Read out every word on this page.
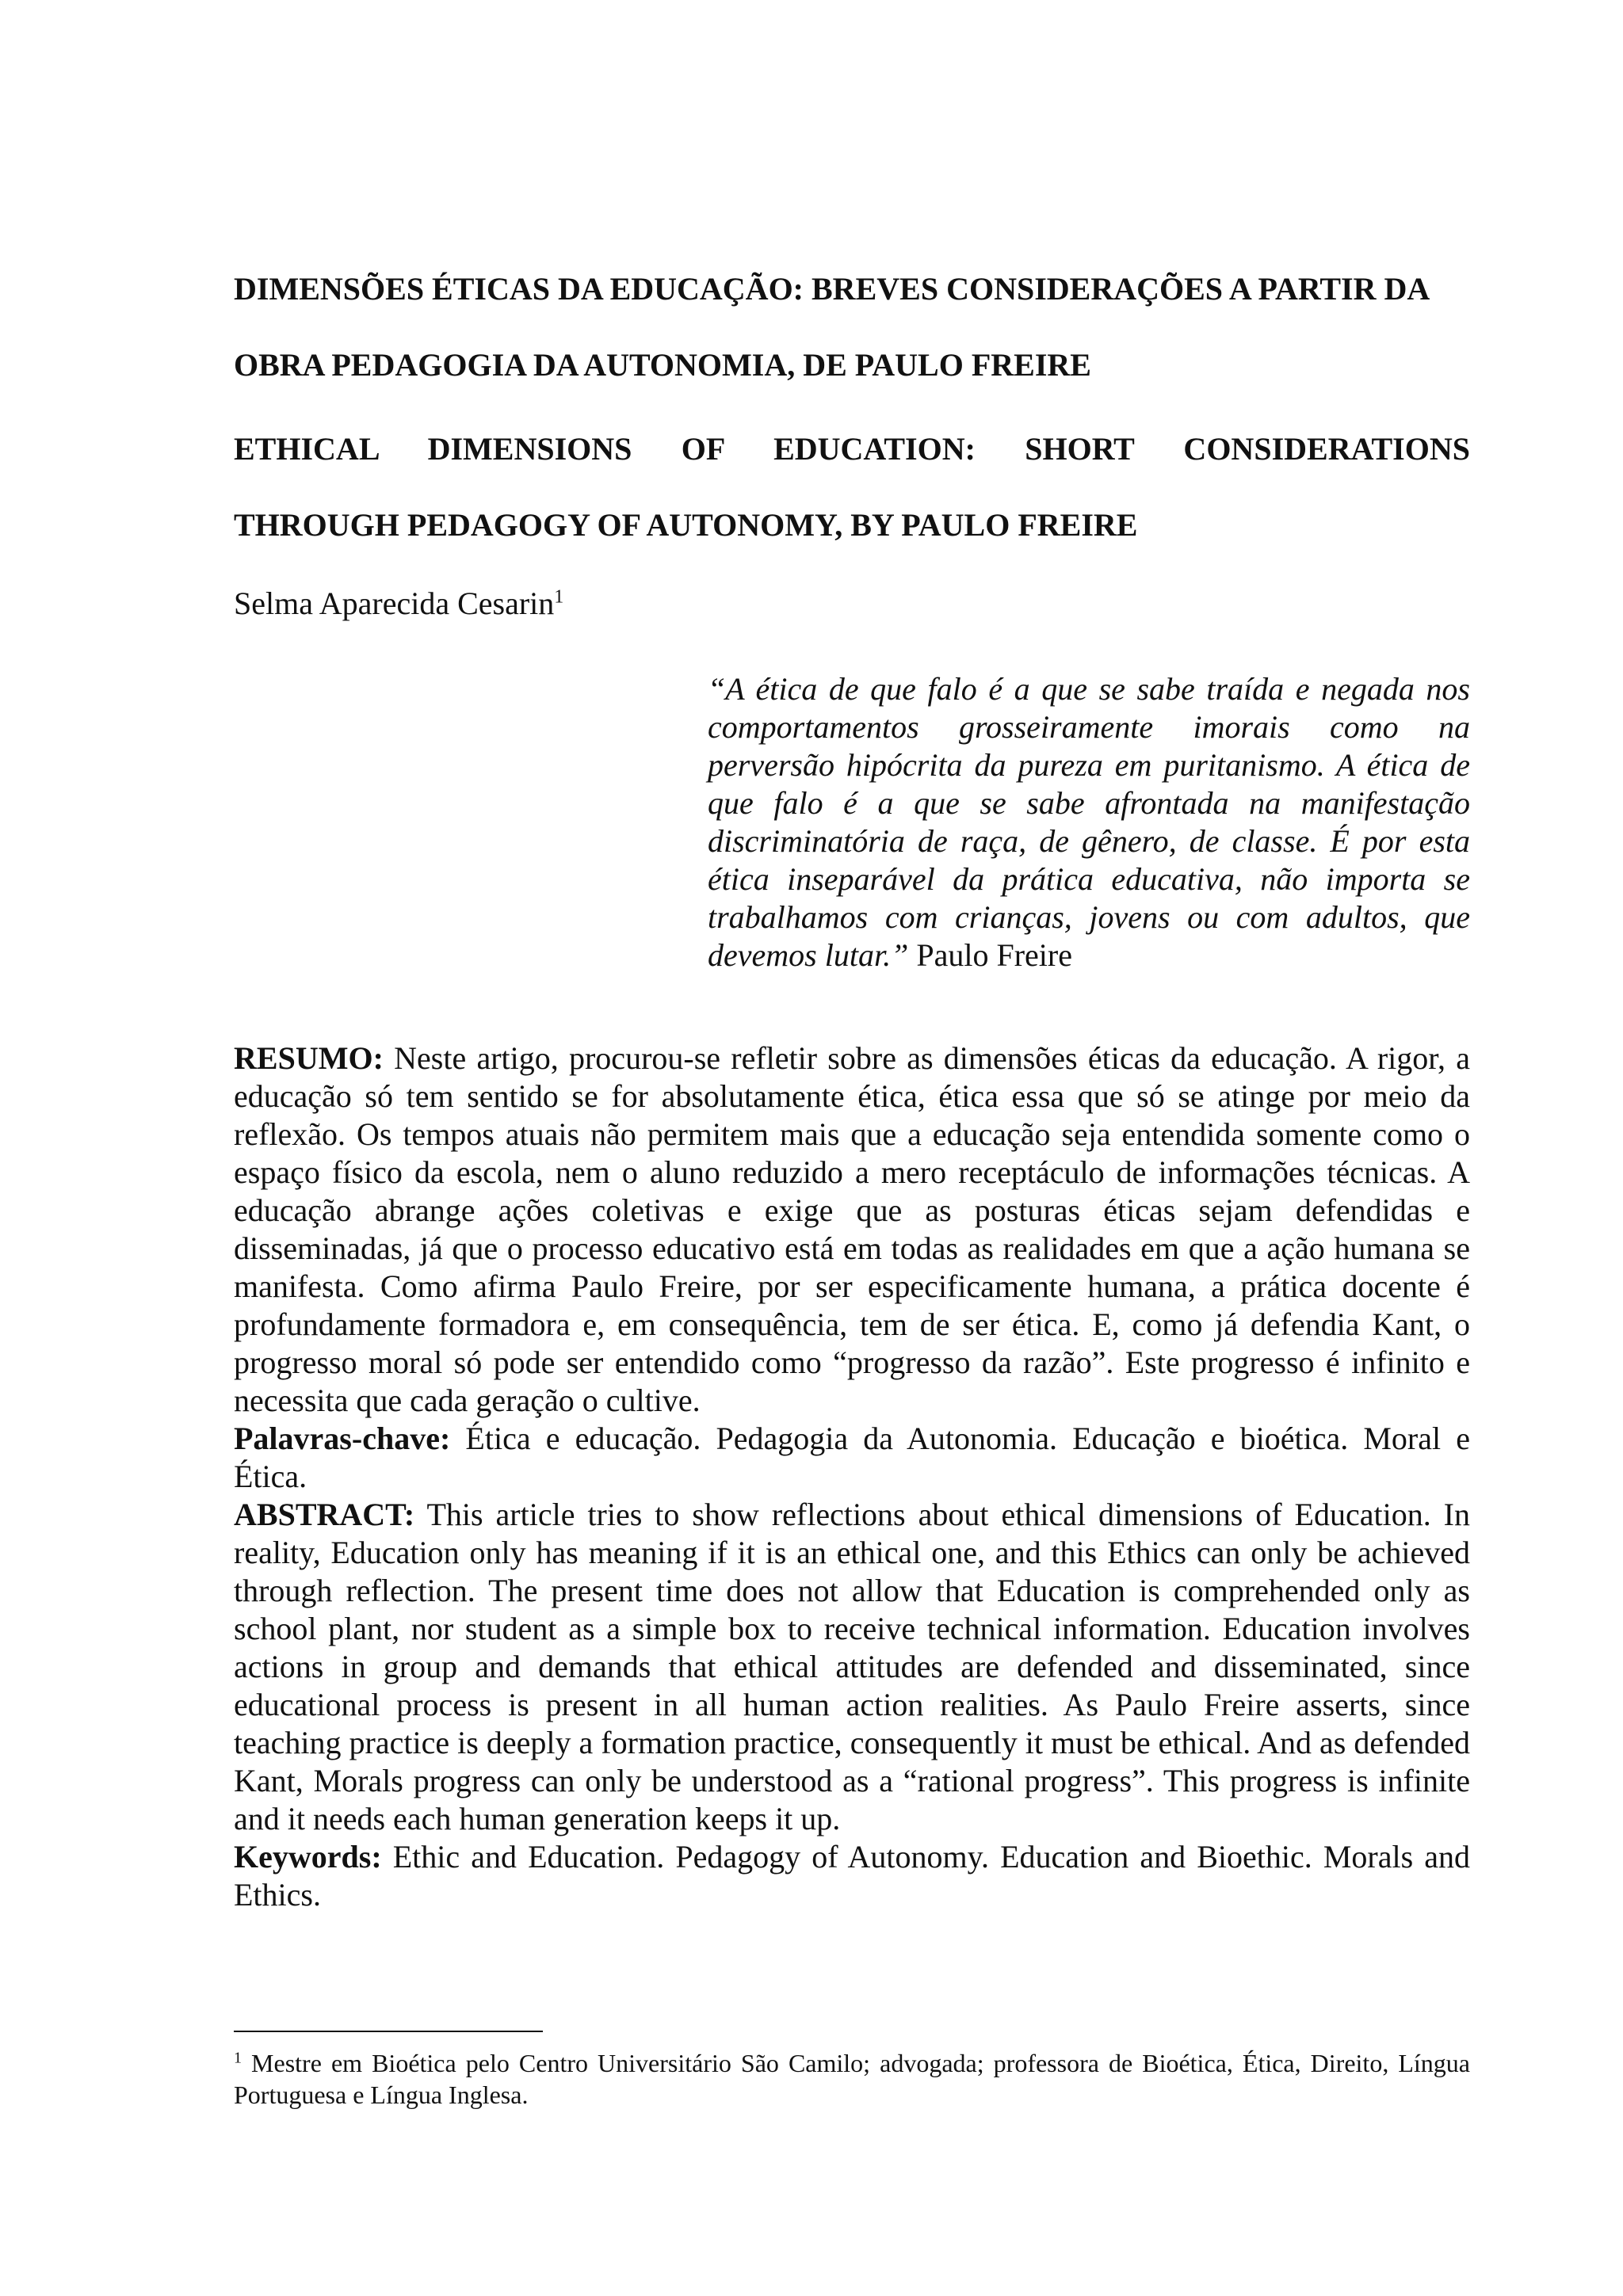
DIMENSÕES ÉTICAS DA EDUCAÇÃO: BREVES CONSIDERAÇÕES A PARTIR DA
OBRA PEDAGOGIA DA AUTONOMIA, DE PAULO FREIRE
ETHICAL DIMENSIONS OF EDUCATION: SHORT CONSIDERATIONS
THROUGH PEDAGOGY OF AUTONOMY, BY PAULO FREIRE
Selma Aparecida Cesarin$^1$
“A ética de que falo é a que se sabe traída e negada nos comportamentos grosseiramente imorais como na perversão hipócrita da pureza em puritanismo. A ética de que falo é a que se sabe afrontada na manifestação discriminatória de raça, de gênero, de classe. É por esta ética inseparável da prática educativa, não importa se trabalhamos com crianças, jovens ou com adultos, que devemos lutar.” Paulo Freire
RESUMO: Neste artigo, procurou-se refletir sobre as dimensões éticas da educação. A rigor, a educação só tem sentido se for absolutamente ética, ética essa que só se atinge por meio da reflexão. Os tempos atuais não permitem mais que a educação seja entendida somente como o espaço físico da escola, nem o aluno reduzido a mero receptáculo de informações técnicas. A educação abrange ações coletivas e exige que as posturas éticas sejam defendidas e disseminadas, já que o processo educativo está em todas as realidades em que a ação humana se manifesta. Como afirma Paulo Freire, por ser especificamente humana, a prática docente é profundamente formadora e, em consequência, tem de ser ética. E, como já defendia Kant, o progresso moral só pode ser entendido como “progresso da razão”. Este progresso é infinito e necessita que cada geração o cultive.
Palavras-chave: Ética e educação. Pedagogia da Autonomia. Educação e bioética. Moral e Ética.
ABSTRACT: This article tries to show reflections about ethical dimensions of Education. In reality, Education only has meaning if it is an ethical one, and this Ethics can only be achieved through reflection. The present time does not allow that Education is comprehended only as school plant, nor student as a simple box to receive technical information. Education involves actions in group and demands that ethical attitudes are defended and disseminated, since educational process is present in all human action realities. As Paulo Freire asserts, since teaching practice is deeply a formation practice, consequently it must be ethical. And as defended Kant, Morals progress can only be understood as a “rational progress”. This progress is infinite and it needs each human generation keeps it up.
Keywords: Ethic and Education. Pedagogy of Autonomy. Education and Bioethic. Morals and Ethics.
$^1$ Mestre em Bioética pelo Centro Universitário São Camilo; advogada; professora de Bioética, Ética, Direito, Língua Portuguesa e Língua Inglesa.
